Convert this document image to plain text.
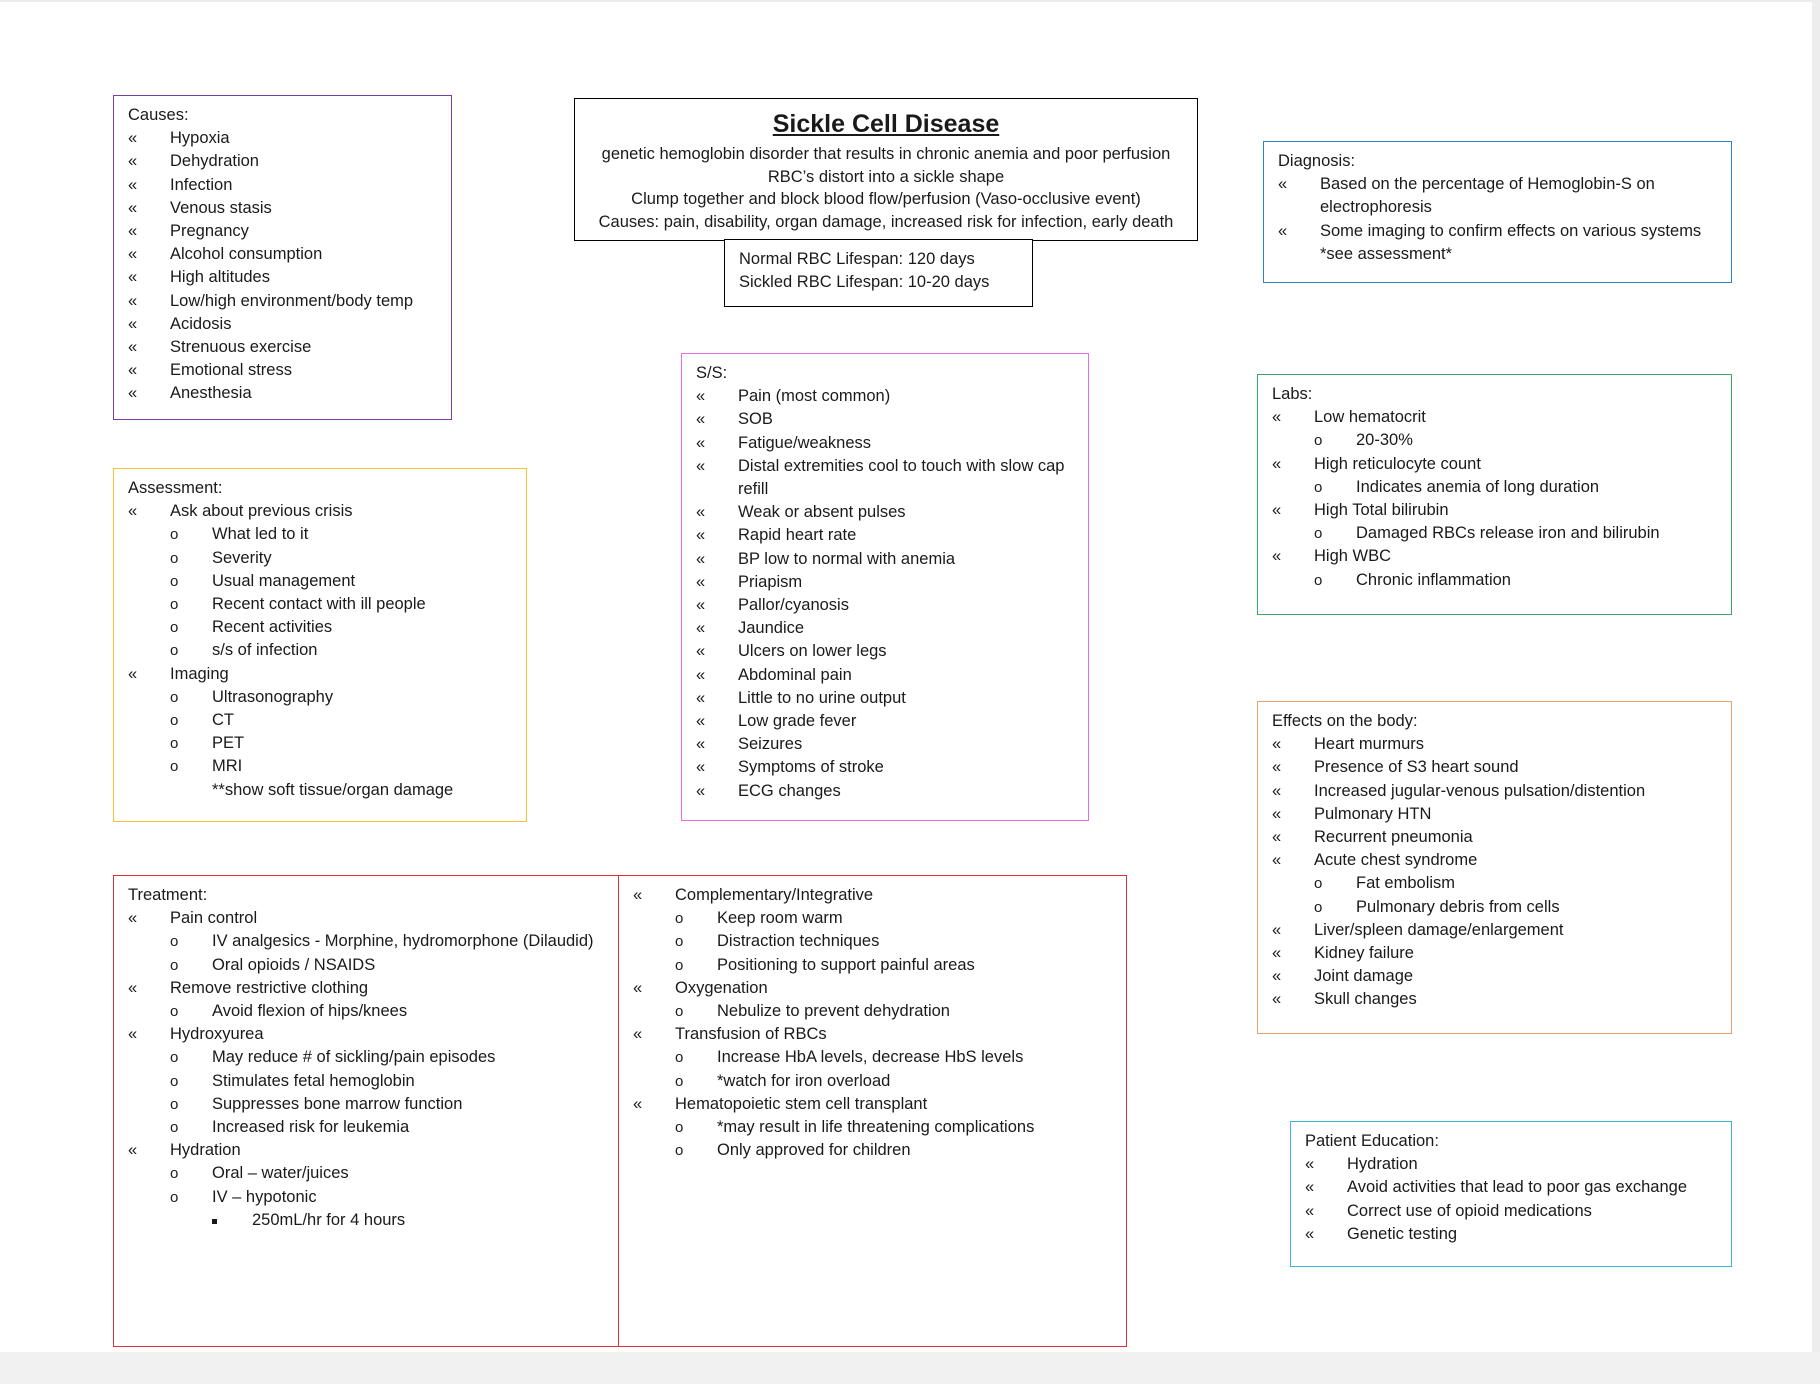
Causes:
« Hypoxia
« Dehydration
« Infection
« Venous stasis
« Pregnancy
« Alcohol consumption
« High altitudes
« Low/high environment/body temp
« Acidosis
« Strenuous exercise
« Emotional stress
« Anesthesia
Sickle Cell Disease
genetic hemoglobin disorder that results in chronic anemia and poor perfusion
RBC’s distort into a sickle shape
Clump together and block blood flow/perfusion (Vaso-occlusive event)
Causes: pain, disability, organ damage, increased risk for infection, early death
Normal RBC Lifespan: 120 days
Sickled RBC Lifespan: 10-20 days
Diagnosis:
« Based on the percentage of Hemoglobin-S on electrophoresis
« Some imaging to confirm effects on various systems *see assessment*
Assessment:
« Ask about previous crisis
o What led to it
o Severity
o Usual management
o Recent contact with ill people
o Recent activities
o s/s of infection
« Imaging
o Ultrasonography
o CT
o PET
o MRI
**show soft tissue/organ damage
S/S:
« Pain (most common)
« SOB
« Fatigue/weakness
« Distal extremities cool to touch with slow cap refill
« Weak or absent pulses
« Rapid heart rate
« BP low to normal with anemia
« Priapism
« Pallor/cyanosis
« Jaundice
« Ulcers on lower legs
« Abdominal pain
« Little to no urine output
« Low grade fever
« Seizures
« Symptoms of stroke
« ECG changes
Labs:
« Low hematocrit
o 20-30%
« High reticulocyte count
o Indicates anemia of long duration
« High Total bilirubin
o Damaged RBCs release iron and bilirubin
« High WBC
o Chronic inflammation
Effects on the body:
« Heart murmurs
« Presence of S3 heart sound
« Increased jugular-venous pulsation/distention
« Pulmonary HTN
« Recurrent pneumonia
« Acute chest syndrome
o Fat embolism
o Pulmonary debris from cells
« Liver/spleen damage/enlargement
« Kidney failure
« Joint damage
« Skull changes
Treatment:
« Pain control
o IV analgesics - Morphine, hydromorphone (Dilaudid)
o Oral opioids / NSAIDS
« Remove restrictive clothing
o Avoid flexion of hips/knees
« Hydroxyurea
o May reduce # of sickling/pain episodes
o Stimulates fetal hemoglobin
o Suppresses bone marrow function
o Increased risk for leukemia
« Hydration
o Oral – water/juices
o IV – hypotonic
250mL/hr for 4 hours
« Complementary/Integrative
o Keep room warm
o Distraction techniques
o Positioning to support painful areas
« Oxygenation
o Nebulize to prevent dehydration
« Transfusion of RBCs
o Increase HbA levels, decrease HbS levels
o *watch for iron overload
« Hematopoietic stem cell transplant
o *may result in life threatening complications
o Only approved for children
Patient Education:
« Hydration
« Avoid activities that lead to poor gas exchange
« Correct use of opioid medications
« Genetic testing
